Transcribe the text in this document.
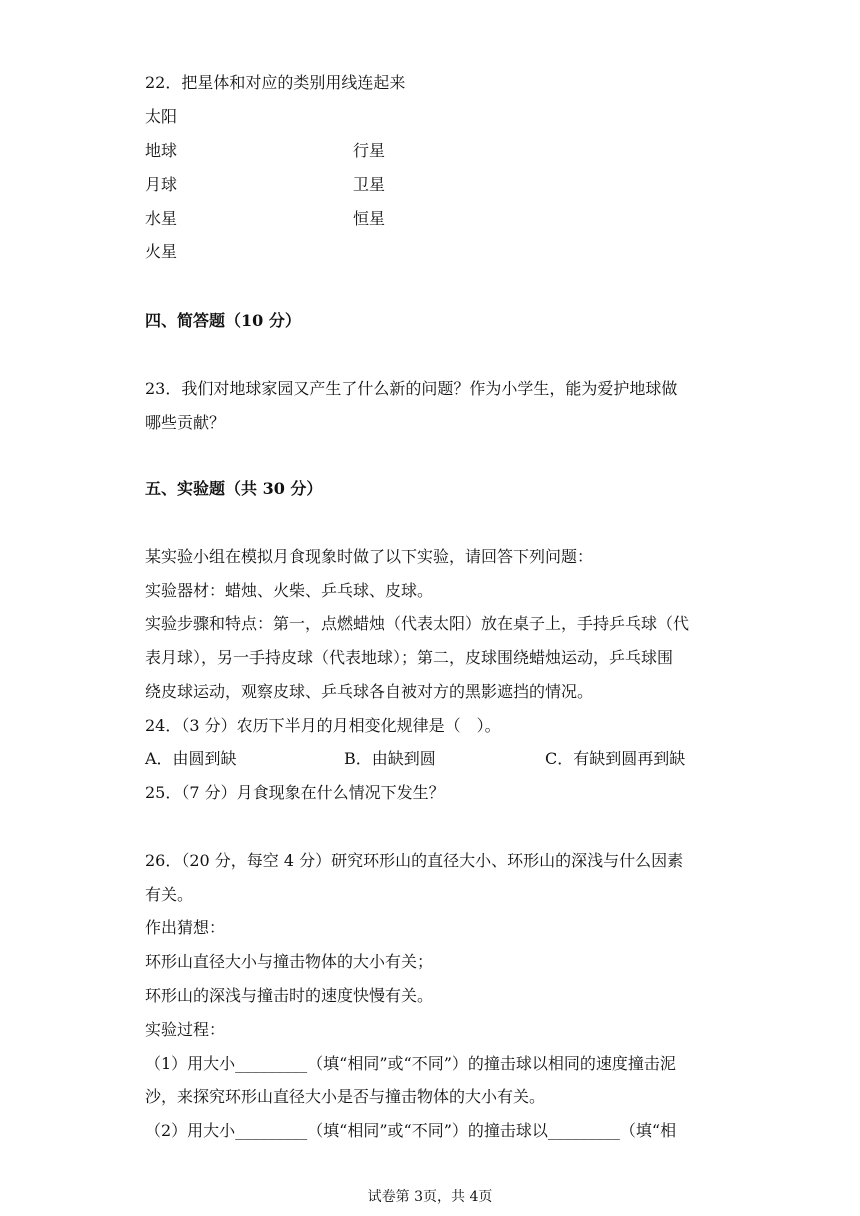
22．把星体和对应的类别用线连起来
太阳
地球	行星
月球	卫星
水星	恒星
火星
四、简答题（10 分）
23．我们对地球家园又产生了什么新的问题？作为小学生，能为爱护地球做
哪些贡献？
五、实验题（共 30 分）
某实验小组在模拟月食现象时做了以下实验，请回答下列问题：
实验器材：蜡烛、火柴、乒乓球、皮球。
实验步骤和特点：第一，点燃蜡烛（代表太阳）放在桌子上，手持乒乓球（代
表月球），另一手持皮球（代表地球）；第二，皮球围绕蜡烛运动，乒乓球围
绕皮球运动，观察皮球、乒乓球各自被对方的黑影遮挡的情况。
24．（3 分）农历下半月的月相变化规律是（　）。
A．由圆到缺	B．由缺到圆	C．有缺到圆再到缺
25．（7 分）月食现象在什么情况下发生？
26．（20 分，每空 4 分）研究环形山的直径大小、环形山的深浅与什么因素
有关。
作出猜想：
环形山直径大小与撞击物体的大小有关；
环形山的深浅与撞击时的速度快慢有关。
实验过程：
（1）用大小_________（填“相同”或“不同”）的撞击球以相同的速度撞击泥
沙，来探究环形山直径大小是否与撞击物体的大小有关。
（2）用大小_________（填“相同”或“不同”）的撞击球以_________（填“相
试卷第 3页，共 4页
